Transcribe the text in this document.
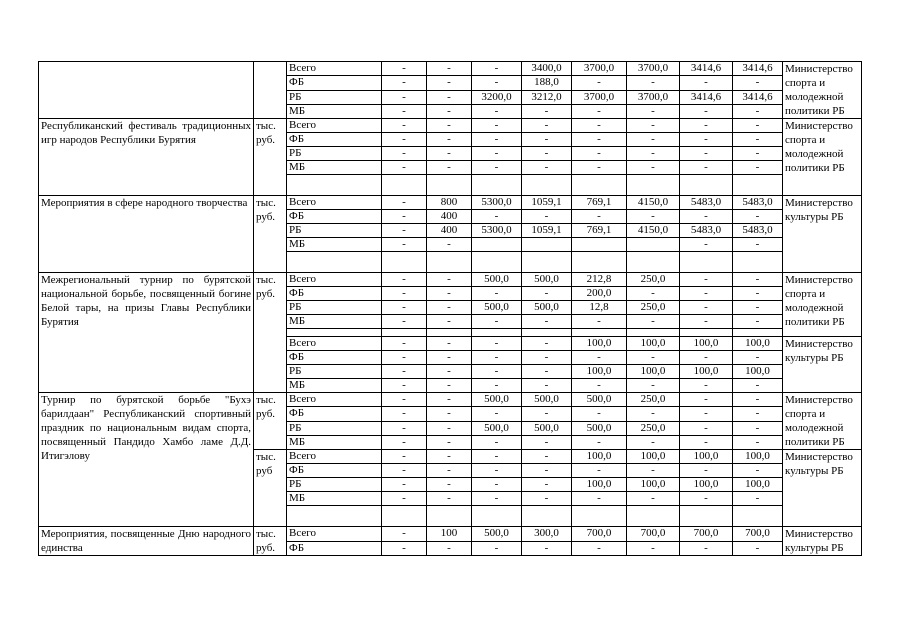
		Всего	-	-	-	3400,0	3700,0	3700,0	3414,6	3414,6	Министерство спорта и молодежной политики РБ
		ФБ	-	-	-	188,0	-	-	-	-	
		РБ	-	-	3200,0	3212,0	3700,0	3700,0	3414,6	3414,6	
		МБ	-	-	-	-	-	-	-	-	
Республиканский фестиваль традиционных игр народов Республики Бурятия	тыс. руб.	Всего	-	-	-	-	-	-	-	-	Министерство спорта и молодежной политики РБ
		ФБ	-	-	-	-	-	-	-	-	
		РБ	-	-	-	-	-	-	-	-	
		МБ	-	-	-	-	-	-	-	-	

Мероприятия в сфере народного творчества	тыс. руб.	Всего	-	800	5300,0	1059,1	769,1	4150,0	5483,0	5483,0	Министерство культуры РБ
		ФБ	-	400	-	-	-	-	-	-	
		РБ	-	400	5300,0	1059,1	769,1	4150,0	5483,0	5483,0	
		МБ	-	-					-	-	

Межрегиональный турнир по бурятской национальной борьбе, посвященный богине Белой тары, на призы Главы Республики Бурятия	тыс. руб.	Всего	-	-	500,0	500,0	212,8	250,0	-	-	Министерство спорта и молодежной политики РБ
		ФБ	-	-	-	-	200,0	-	-	-	
		РБ	-	-	500,0	500,0	12,8	250,0	-	-	
		МБ	-	-	-	-	-	-	-	-	

		Всего	-	-	-	-	100,0	100,0	100,0	100,0	Министерство культуры РБ
		ФБ	-	-	-	-	-	-	-	-	
		РБ	-	-	-	-	100,0	100,0	100,0	100,0	
		МБ	-	-	-	-	-	-	-	-	
Турнир по бурятской борьбе "Бухэ барилдаан" Республиканский спортивный праздник по национальным видам спорта, посвященный Пандидо Хамбо ламе Д.Д. Итигэлову	тыс. руб.	Всего	-	-	500,0	500,0	500,0	250,0	-	-	Министерство спорта и молодежной политики РБ
		ФБ	-	-	-	-	-	-	-	-	
		РБ	-	-	500,0	500,0	500,0	250,0	-	-	
		МБ	-	-	-	-	-	-	-	-	
	тыс. руб	Всего	-	-	-	-	100,0	100,0	100,0	100,0	Министерство культуры РБ
		ФБ	-	-	-	-	-	-	-	-	
		РБ	-	-	-	-	100,0	100,0	100,0	100,0	
		МБ	-	-	-	-	-	-	-	-	

Мероприятия, посвященные Дню народного единства	тыс. руб.	Всего	-	100	500,0	300,0	700,0	700,0	700,0	700,0	Министерство культуры РБ
		ФБ	-	-	-	-	-	-	-	-	
